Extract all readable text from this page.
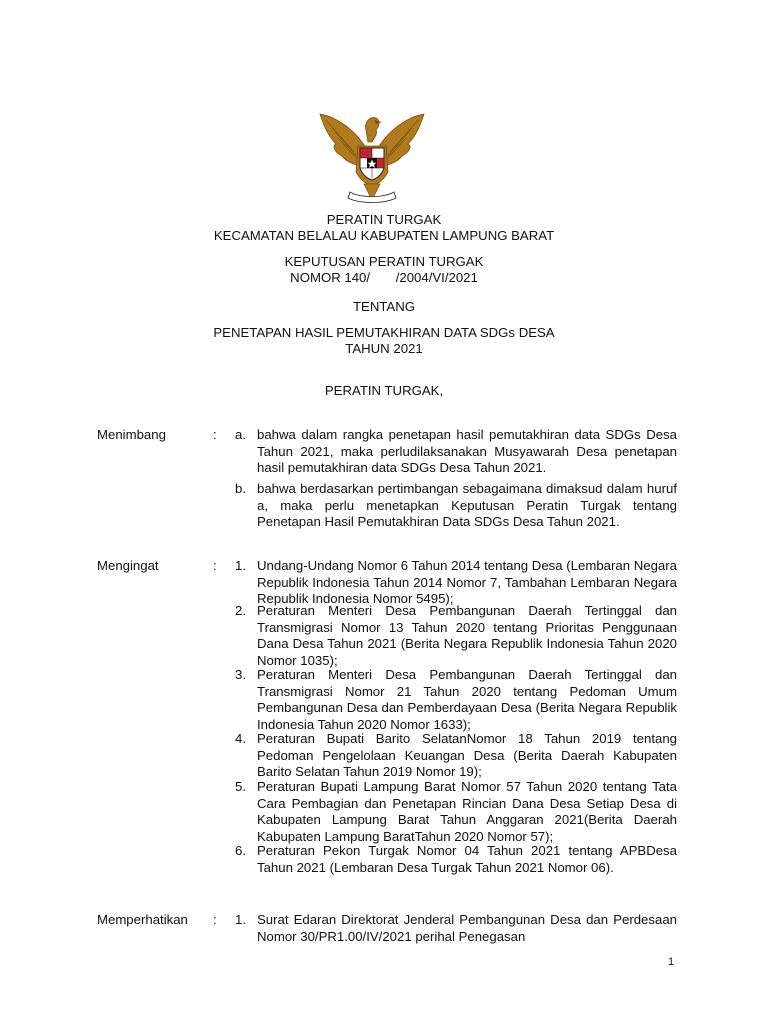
PERATIN TURGAK
KECAMATAN BELALAU KABUPATEN LAMPUNG BARAT
KEPUTUSAN PERATIN TURGAK
NOMOR 140/       /2004/VI/2021
TENTANG
PENETAPAN HASIL PEMUTAKHIRAN DATA SDGs DESA
TAHUN 2021
PERATIN TURGAK,
Menimbang	: a. bahwa dalam rangka penetapan hasil pemutakhiran data SDGs Desa Tahun 2021, maka perludilaksanakan Musyawarah Desa penetapan hasil pemutakhiran data SDGs Desa Tahun 2021.
b. bahwa berdasarkan pertimbangan sebagaimana dimaksud dalam huruf a, maka perlu menetapkan Keputusan Peratin Turgak tentang Penetapan Hasil Pemutakhiran Data SDGs Desa Tahun 2021.
Mengingat	: 1. Undang-Undang Nomor 6 Tahun 2014 tentang Desa (Lembaran Negara Republik Indonesia Tahun 2014 Nomor 7, Tambahan Lembaran Negara Republik Indonesia Nomor 5495);
2. Peraturan Menteri Desa Pembangunan Daerah Tertinggal dan Transmigrasi Nomor 13 Tahun 2020 tentang Prioritas Penggunaan Dana Desa Tahun 2021 (Berita Negara Republik Indonesia Tahun 2020 Nomor 1035);
3. Peraturan Menteri Desa Pembangunan Daerah Tertinggal dan Transmigrasi Nomor 21 Tahun 2020 tentang Pedoman Umum Pembangunan Desa dan Pemberdayaan Desa (Berita Negara Republik Indonesia Tahun 2020 Nomor 1633);
4. Peraturan Bupati Barito SelatanNomor 18 Tahun 2019 tentang Pedoman Pengelolaan Keuangan Desa (Berita Daerah Kabupaten Barito Selatan Tahun 2019 Nomor 19);
5. Peraturan Bupati Lampung Barat Nomor 57 Tahun 2020 tentang Tata Cara Pembagian dan Penetapan Rincian Dana Desa Setiap Desa di Kabupaten Lampung Barat Tahun Anggaran 2021(Berita Daerah Kabupaten Lampung BaratTahun 2020 Nomor 57);
6. Peraturan Pekon Turgak Nomor 04 Tahun 2021 tentang APBDesa Tahun 2021 (Lembaran Desa Turgak Tahun 2021 Nomor 06).
Memperhatikan : 1. Surat Edaran Direktorat Jenderal Pembangunan Desa dan Perdesaan Nomor 30/PR1.00/IV/2021 perihal Penegasan
1
